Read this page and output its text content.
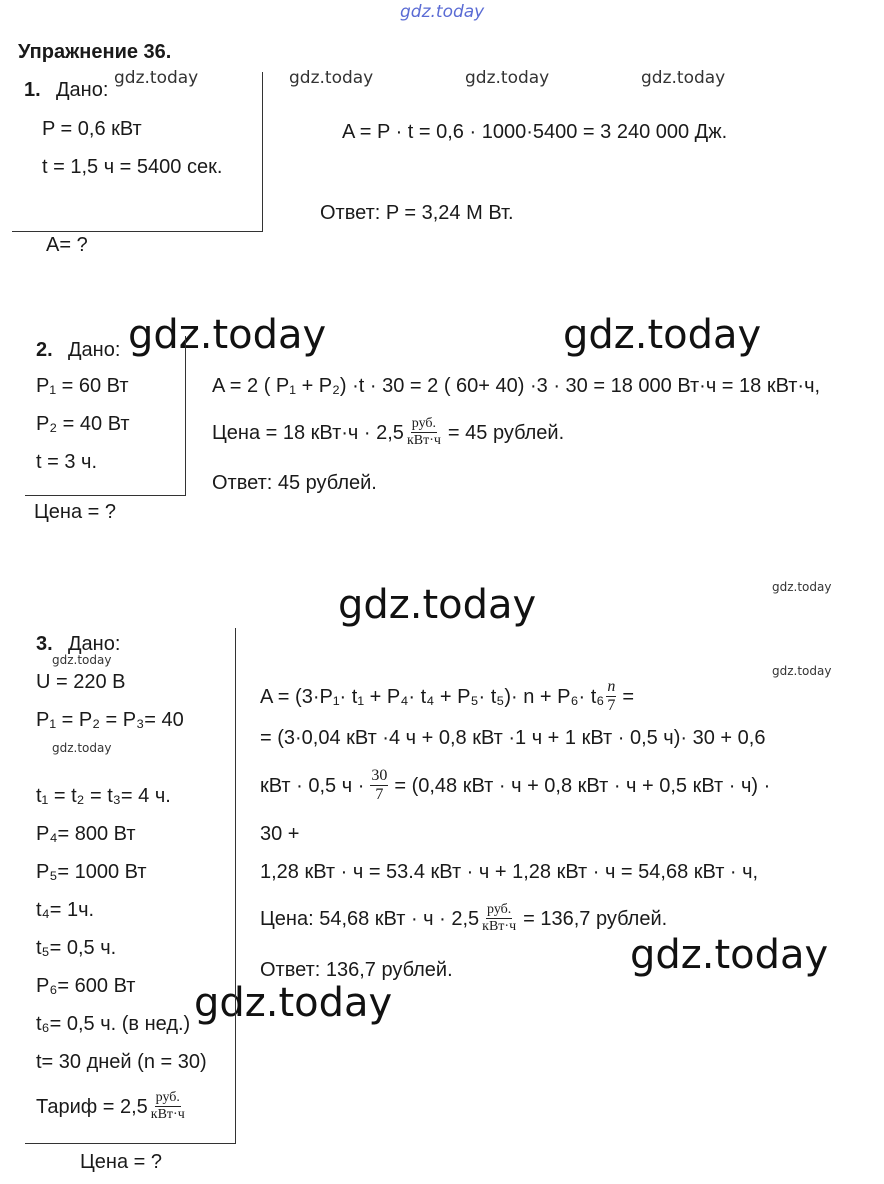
gdz.today
gdz.today	gdz.today	gdz.today	gdz.today
gdz.today	gdz.today
gdz.today	gdz.today
gdz.today
gdz.today
gdz.today
gdz.today
gdz.today
Упражнение 36.
1. Дано:
P = 0,6 кВт
t = 1,5 ч = 5400 сек.
A= ?
A = P · t = 0,6 · 1000·5400 = 3 240 000 Дж.
Ответ: P = 3,24 M Вт.
2. Дано:
P₁ = 60 Вт
P₂ = 40 Вт
t = 3 ч.
Цена = ?
A = 2 ( P₁ + P₂) ·t · 30 = 2 ( 60+ 40) ·3 · 30 = 18 000 Вт·ч = 18 кВт·ч,
Цена = 18 $кВт\cdot ч \cdot 2,5 \frac{\text{руб.}}{\text{кВт·ч}} = 45$ рублей.
Ответ: 45 рублей.
3. Дано:
U = 220 В
P₁ = P₂ = P₃= 40
t₁ = t₂ = t₃= 4 ч.
P₄= 800 Вт
P₅= 1000 Вт
t₄= 1ч.
t₅= 0,5 ч.
P₆= 600 Вт
t₆= 0,5 ч. (в нед.)
t= 30 дней (n = 30)
Тариф = $2,5 \frac{\text{руб.}}{\text{кВт·ч}}$
Цена = ?
$A = (3\cdot P_1\cdot t_1 + P_4\cdot t_4 + P_5\cdot t_5)\cdot n + P_6\cdot t_6 \frac{n}{7}$ =
= (3·0,04 кВт ·4 ч + 0,8 кВт ·1 ч + 1 кВт · 0,5 ч)· 30 + 0,6
кВт · 0,5 $ч \cdot \frac{30}{7} = (0,48$ кВт · ч + 0,8 кВт · ч + 0,5 кВт · ч) ·
30 +
1,28 кВт · ч = 53.4 кВт · ч + 1,28 кВт · ч = 54,68 кВт · ч,
Цена: 54,68 кВт · $ч \cdot 2,5 \frac{\text{руб.}}{\text{кВт·ч}} = 136,7$ рублей.
Ответ: 136,7 рублей.
